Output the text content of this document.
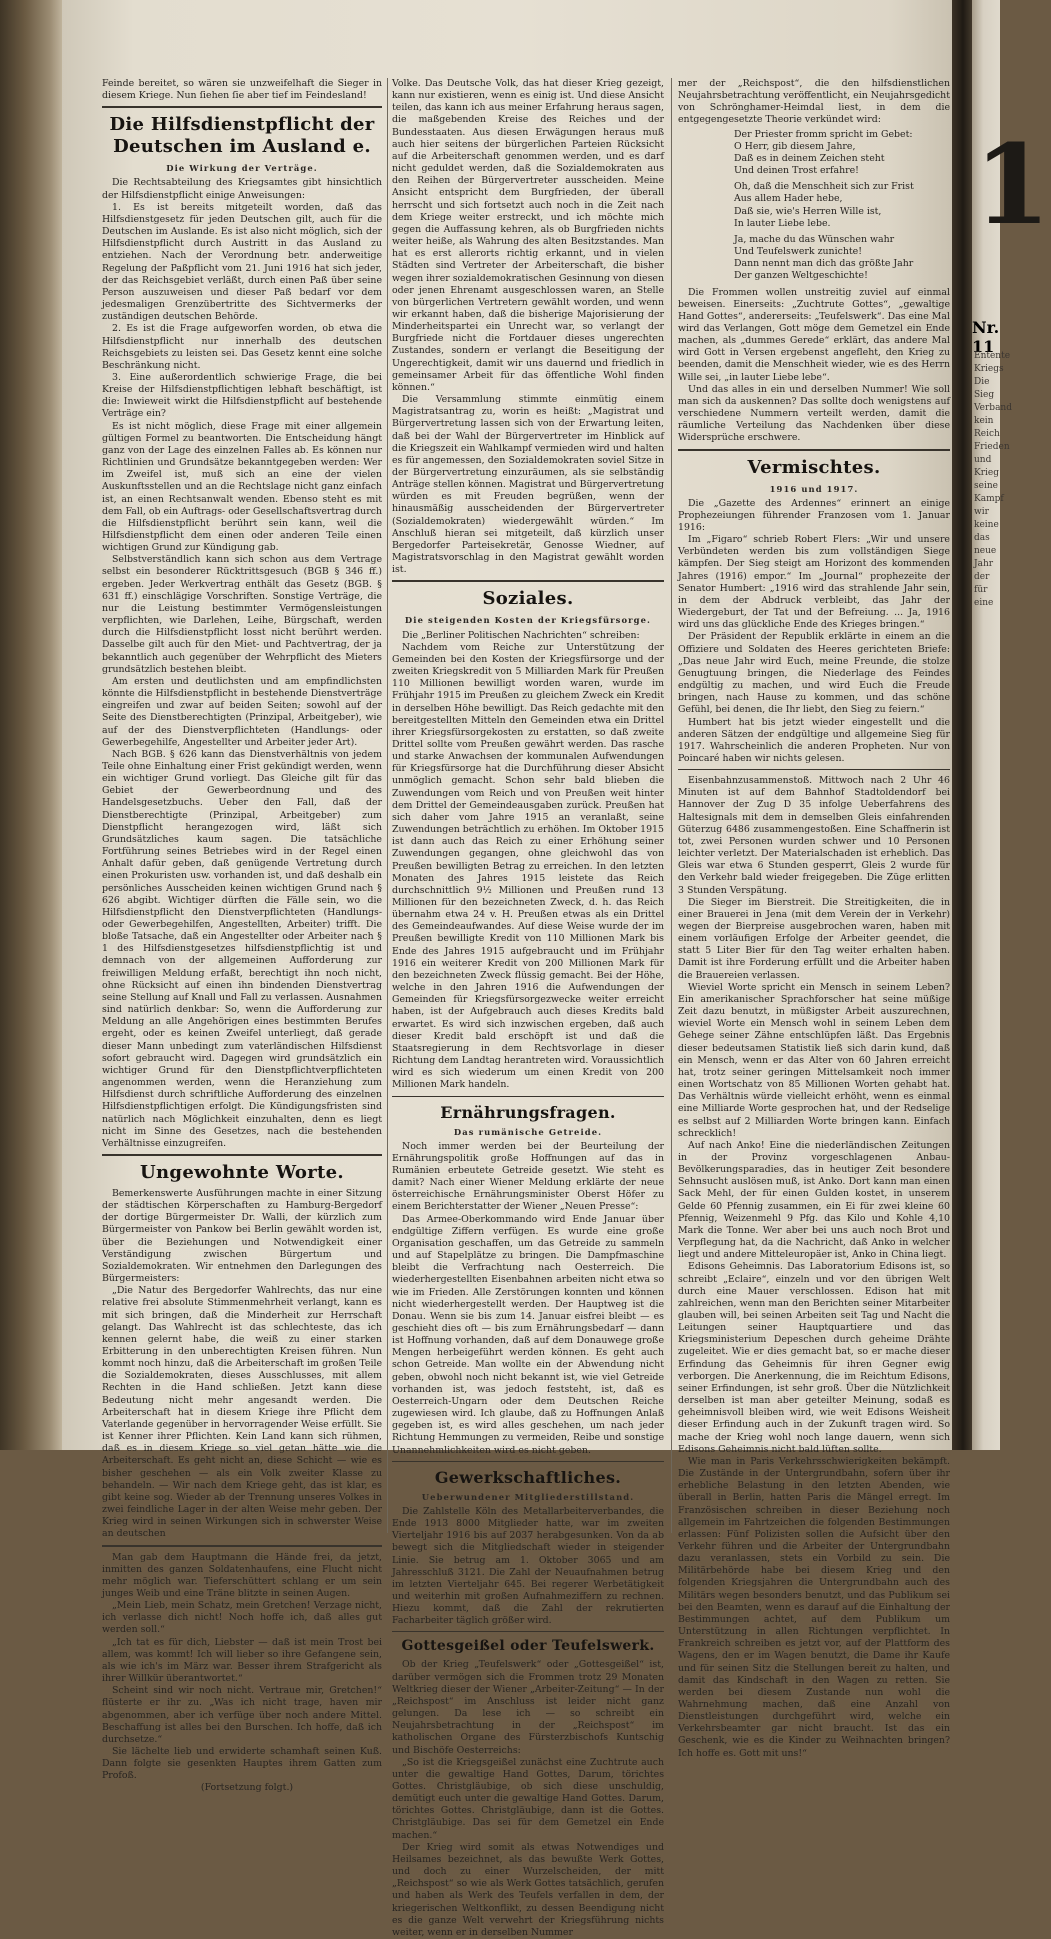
Feinde bereitet, so wären sie unzweifelhaft die Sieger in diesem Kriege. Nun ſiehen ſie aber tief im Feindesland!

Die Hilfsdienstpflicht der Deutschen im Ausland e.
Die Wirkung der Verträge.

Die Rechtsabteilung des Kriegsamtes gibt hinsichtlich der Hilfsdienstpflicht einige Anweisungen:

1. Es ist bereits mitgeteilt worden, daß das Hilfsdienstgesetz für jeden Deutschen gilt, auch für die Deutschen im Auslande. Es ist also nicht möglich, sich der Hilfsdienstpflicht durch Austritt in das Ausland zu entziehen. Nach der Verordnung betr. anderweitige Regelung der Paßpflicht vom 21. Juni 1916 hat sich jeder, der das Reichsgebiet verläßt, durch einen Paß über seine Person auszuweisen und dieser Paß bedarf vor dem jedesmaligen Grenzübertritte des Sichtvermerks der zuständigen deutschen Behörde.

2. Es ist die Frage aufgeworfen worden, ob etwa die Hilfsdienstpflicht nur innerhalb des deutschen Reichsgebiets zu leisten sei. Das Gesetz kennt eine solche Beschränkung nicht.

3. Eine außerordentlich schwierige Frage, die bei Kreise der Hilfsdienstpflichtigen lebhaft beschäftigt, ist die: Inwieweit wirkt die Hilfsdienstpflicht auf bestehende Verträge ein?

Es ist nicht möglich, diese Frage mit einer allgemein gültigen Formel zu beantworten. Die Entscheidung hängt ganz von der Lage des einzelnen Falles ab. Es können nur Richtlinien und Grundsätze bekanntgegeben werden: Wer im Zweifel ist, muß sich an eine der vielen Auskunftsstellen und an die Rechtslage nicht ganz einfach ist, an einen Rechtsanwalt wenden. Ebenso steht es mit dem Fall, ob ein Auftrags- oder Gesellschaftsvertrag durch die Hilfsdienstpflicht berührt sein kann, weil die Hilfsdienstpflicht dem einen oder anderen Teile einen wichtigen Grund zur Kündigung gab.

Selbstverständlich kann sich schon aus dem Vertrage selbst ein besonderer Rücktrittsgesuch (BGB § 346 ff.) ergeben. Jeder Werkvertrag enthält das Gesetz (BGB. § 631 ff.) einschlägige Vorschriften. Sonstige Verträge, die nur die Leistung bestimmter Vermögensleistungen verpflichten, wie Darlehen, Leihe, Bürgschaft, werden durch die Hilfsdienstpflicht losst nicht berührt werden. Dasselbe gilt auch für den Miet- und Pachtvertrag, der ja bekanntlich auch gegenüber der Wehrpflicht des Mieters grundsätzlich bestehen bleibt.

Am ersten und deutlichsten und am empfindlichsten könnte die Hilfsdienstpflicht in bestehende Dienstverträge eingreifen und zwar auf beiden Seiten; sowohl auf der Seite des Dienstberechtigten (Prinzipal, Arbeitgeber), wie auf der des Dienstverpflichteten (Handlungs- oder Gewerbegehilfe, Angestellter und Arbeiter jeder Art).

Nach BGB. § 626 kann das Dienstverhältnis von jedem Teile ohne Einhaltung einer Frist gekündigt werden, wenn ein wichtiger Grund vorliegt. Das Gleiche gilt für das Gebiet der Gewerbeordnung und des Handelsgesetzbuchs. Ueber den Fall, daß der Dienstberechtigte (Prinzipal, Arbeitgeber) zum Dienstpflicht herangezogen wird, läßt sich Grundsätzliches kaum sagen. Die tatsächliche Fortführung seines Betriebes wird in der Regel einen Anhalt dafür geben, daß genügende Vertretung durch einen Prokuristen usw. vorhanden ist, und daß deshalb ein persönliches Ausscheiden keinen wichtigen Grund nach § 626 abgibt. Wichtiger dürften die Fälle sein, wo die Hilfsdienstpflicht den Dienstverpflichteten (Handlungs- oder Gewerbegehilfen, Angestellten, Arbeiter) trifft. Die bloße Tatsache, daß ein Angestellter oder Arbeiter nach § 1 des Hilfsdienstgesetzes hilfsdienstpflichtig ist und demnach von der allgemeinen Aufforderung zur freiwilligen Meldung erfaßt, berechtigt ihn noch nicht, ohne Rücksicht auf einen ihn bindenden Dienstvertrag seine Stellung auf Knall und Fall zu verlassen. Ausnahmen sind natürlich denkbar: So, wenn die Aufforderung zur Meldung an alle Angehörigen eines bestimmten Berufes ergeht, oder es keinen Zweifel unterliegt, daß gerade dieser Mann unbedingt zum vaterländischen Hilfsdienst sofort gebraucht wird. Dagegen wird grundsätzlich ein wichtiger Grund für den Dienstpflichtverpflichteten angenommen werden, wenn die Heranziehung zum Hilfsdienst durch schriftliche Aufforderung des einzelnen Hilfsdienstpflichtigen erfolgt. Die Kündigungsfristen sind natürlich nach Möglichkeit einzuhalten, denn es liegt nicht im Sinne des Gesetzes, nach die bestehenden Verhältnisse einzugreifen.

Ungewohnte Worte.

Bemerkenswerte Ausführungen machte in einer Sitzung der städtischen Körperschaften zu Hamburg-Bergedorf der dortige Bürgermeister Dr. Walli, der kürzlich zum Bürgermeister von Pankow bei Berlin gewählt worden ist, über die Beziehungen und Notwendigkeit einer Verständigung zwischen Bürgertum und Sozialdemokraten. Wir entnehmen den Darlegungen des Bürgermeisters:

„Die Natur des Bergedorfer Wahlrechts, das nur eine relative frei absolute Stimmenmehrheit verlangt, kann es mit sich bringen, daß die Minderheit zur Herrschaft gelangt. Das Wahlrecht ist das schlechteste, das ich kennen gelernt habe, die weiß zu einer starken Erbitterung in den unberechtigten Kreisen führen. Nun kommt noch hinzu, daß die Arbeiterschaft im großen Teile die Sozialdemokraten, dieses Ausschlusses, mit allem Rechten in die Hand schließen. Jetzt kann diese Bedeutung nicht mehr angesandt werden. Die Arbeiterschaft hat in diesem Kriege ihre Pflicht dem Vaterlande gegenüber in hervorragender Weise erfüllt. Sie ist Kenner ihrer Pflichten. Kein Land kann sich rühmen, daß es in diesem Kriege so viel getan hätte wie die Arbeiterschaft. Es geht nicht an, diese Schicht — wie es bisher geschehen — als ein Volk zweiter Klasse zu behandeln. — Wir nach dem Kriege geht, das ist klar, es gibt keine sog. Wieder ab der Trennung unseres Volkes in zwei feindliche Lager in der alten Weise mehr geben. Der Krieg wird in seinen Wirkungen sich in schwerster Weise an deutschen

Man gab dem Hauptmann die Hände frei, da jetzt, inmitten des ganzen Soldatenhaufens, eine Flucht nicht mehr möglich war. Tieferschüttert schlang er um sein junges Weib und eine Träne blitzte in seinen Augen.

„Mein Lieb, mein Schatz, mein Gretchen! Verzage nicht, ich verlasse dich nicht! Noch hoffe ich, daß alles gut werden soll.“

„Ich tat es für dich, Liebster — daß ist mein Trost bei allem, was kommt! Ich will lieber so ihre Gefangene sein, als wie ich's im März war. Besser ihrem Strafgericht als ihrer Willkür überantwortet.“

Scheint sind wir noch nicht. Vertraue mir, Gretchen!“ flüsterte er ihr zu. „Was ich nicht trage, haven mir abgenommen, aber ich verfüge über noch andere Mittel. Beschaffung ist alles bei den Burschen. Ich hoffe, daß ich durchsetze.“

Sie lächelte lieb und erwiderte schamhaft seinen Kuß. Dann folgte sie gesenkten Hauptes ihrem Gatten zum Profoß.

(Fortsetzung folgt.)

Volke. Das Deutsche Volk, das hat dieser Krieg gezeigt, kann nur existieren, wenn es einig ist. Und diese Ansicht teilen, das kann ich aus meiner Erfahrung heraus sagen, die maßgebenden Kreise des Reiches und der Bundesstaaten. Aus diesen Erwägungen heraus muß auch hier seitens der bürgerlichen Parteien Rücksicht auf die Arbeiterschaft genommen werden, und es darf nicht geduldet werden, daß die Sozialdemokraten aus den Reihen der Bürgervertreter ausscheiden. Meine Ansicht entspricht dem Burgfrieden, der überall herrscht und sich fortsetzt auch noch in die Zeit nach dem Kriege weiter erstreckt, und ich möchte mich gegen die Auffassung kehren, als ob Burgfrieden nichts weiter heiße, als Wahrung des alten Besitzstandes. Man hat es erst allerorts richtig erkannt, und in vielen Städten sind Vertreter der Arbeiterschaft, die bisher wegen ihrer sozialdemokratischen Gesinnung von diesen oder jenen Ehrenamt ausgeschlossen waren, an Stelle von bürgerlichen Vertretern gewählt worden, und wenn wir erkannt haben, daß die bisherige Majorisierung der Minderheitspartei ein Unrecht war, so verlangt der Burgfriede nicht die Fortdauer dieses ungerechten Zustandes, sondern er verlangt die Beseitigung der Ungerechtigkeit, damit wir uns dauernd und friedlich in gemeinsamer Arbeit für das öffentliche Wohl finden können.“

Die Versammlung stimmte einmütig einem Magistratsantrag zu, worin es heißt: „Magistrat und Bürgervertretung lassen sich von der Erwartung leiten, daß bei der Wahl der Bürgervertreter im Hinblick auf die Kriegszeit ein Wahlkampf vermieden wird und halten es für angemessen, den Sozialdemokraten soviel Sitze in der Bürgervertretung einzuräumen, als sie selbständig Anträge stellen können. Magistrat und Bürgervertretung würden es mit Freuden begrüßen, wenn der hinausmäßig ausscheidenden der Bürgervertreter (Sozialdemokraten) wiedergewählt würden.“ Im Anschluß hieran sei mitgeteilt, daß kürzlich unser Bergedorfer Parteisekretär, Genosse Wiedner, auf Magistratsvorschlag in den Magistrat gewählt worden ist.

Soziales.
Die steigenden Kosten der Kriegsfürsorge.

Die „Berliner Politischen Nachrichten“ schreiben:

Nachdem vom Reiche zur Unterstützung der Gemeinden bei den Kosten der Kriegsfürsorge und der zweiten Kriegskredit von 5 Milliarden Mark für Preußen 110 Millionen bewilligt worden waren, wurde im Frühjahr 1915 im Preußen zu gleichem Zweck ein Kredit in derselben Höhe bewilligt. Das Reich gedachte mit den bereitgestellten Mitteln den Gemeinden etwa ein Drittel ihrer Kriegsfürsorgekosten zu erstatten, so daß zweite Drittel sollte vom Preußen gewährt werden. Das rasche und starke Anwachsen der kommunalen Aufwendungen für Kriegsfürsorge hat die Durchführung dieser Absicht unmöglich gemacht. Schon sehr bald blieben die Zuwendungen vom Reich und von Preußen weit hinter dem Drittel der Gemeindeausgaben zurück. Preußen hat sich daher vom Jahre 1915 an veranlaßt, seine Zuwendungen beträchtlich zu erhöhen. Im Oktober 1915 ist dann auch das Reich zu einer Erhöhung seiner Zuwendungen gegangen, ohne gleichwohl das von Preußen bewilligten Betrag zu erreichen. In den letzten Monaten des Jahres 1915 leistete das Reich durchschnittlich 9½ Millionen und Preußen rund 13 Millionen für den bezeichneten Zweck, d. h. das Reich übernahm etwa 24 v. H. Preußen etwas als ein Drittel des Gemeindeaufwandes. Auf diese Weise wurde der im Preußen bewilligte Kredit von 110 Millionen Mark bis Ende des Jahres 1915 aufgebraucht und im Frühjahr 1916 ein weiterer Kredit von 200 Millionen Mark für den bezeichneten Zweck flüssig gemacht. Bei der Höhe, welche in den Jahren 1916 die Aufwendungen der Gemeinden für Kriegsfürsorgezwecke weiter erreicht haben, ist der Aufgebrauch auch dieses Kredits bald erwartet. Es wird sich inzwischen ergeben, daß auch dieser Kredit bald erschöpft ist und daß die Staatsregierung in dem Rechtsvorlage in dieser Richtung dem Landtag herantreten wird. Voraussichtlich wird es sich wiederum um einen Kredit von 200 Millionen Mark handeln.

Ernährungsfragen.
Das rumänische Getreide.

Noch immer werden bei der Beurteilung der Ernährungspolitik große Hoffnungen auf das in Rumänien erbeutete Getreide gesetzt. Wie steht es damit? Nach einer Wiener Meldung erklärte der neue österreichische Ernährungsminister Oberst Höfer zu einem Berichterstatter der Wiener „Neuen Presse“:

Das Armee-Oberkommando wird Ende Januar über endgültige Ziffern verfügen. Es wurde eine große Organisation geschaffen, um das Getreide zu sammeln und auf Stapelplätze zu bringen. Die Dampfmaschine bleibt die Verfrachtung nach Oesterreich. Die wiederhergestellten Eisenbahnen arbeiten nicht etwa so wie im Frieden. Alle Zerstörungen konnten und können nicht wiederhergestellt werden. Der Hauptweg ist die Donau. Wenn sie bis zum 14. Januar eisfrei bleibt — es geschieht dies oft — bis zum Ernährungsbedarf — dann ist Hoffnung vorhanden, daß auf dem Donauwege große Mengen herbeigeführt werden können. Es geht auch schon Getreide. Man wollte ein der Abwendung nicht geben, obwohl noch nicht bekannt ist, wie viel Getreide vorhanden ist, was jedoch feststeht, ist, daß es Oesterreich-Ungarn oder dem Deutschen Reiche zugewiesen wird. Ich glaube, daß zu Hoffnungen Anlaß gegeben ist, es wird alles geschehen, um nach jeder Richtung Hemmungen zu vermeiden, Reibe und sonstige Unannehmlichkeiten wird es nicht geben.

Gewerkschaftliches.
Ueberwundener Mitgliederstillstand.

Die Zahlstelle Köln des Metallarbeiterverbandes, die Ende 1913 8000 Mitglieder hatte, war im zweiten Vierteljahr 1916 bis auf 2037 herabgesunken. Von da ab bewegt sich die Mitgliedschaft wieder in steigender Linie. Sie betrug am 1. Oktober 3065 und am Jahresschluß 3121. Die Zahl der Neuaufnahmen betrug im letzten Vierteljahr 645. Bei regerer Werbetätigkeit und weiterhin mit großen Aufnahmeziffern zu rechnen. Hiezu kommt, daß die Zahl der rekrutierten Facharbeiter täglich größer wird.

Gottesgeißel oder Teufelswerk.

Ob der Krieg „Teufelswerk“ oder „Gottesgeißel“ ist, darüber vermögen sich die Frommen trotz 29 Monaten Weltkrieg dieser der Wiener „Arbeiter-Zeitung“ — In der „Reichspost“ im Anschluss ist leider nicht ganz gelungen. Da lese ich — so schreibt ein Neujahrsbetrachtung in der „Reichspost“ im katholischen Organe des Fürsterzbischofs Kuntschig und Bischöfe Oesterreichs:

„So ist die Kriegsgeißel zunächst eine Zuchtrute auch unter die gewaltige Hand Gottes, Darum, törichtes Gottes. Christgläubige, ob sich diese unschuldig, demütigt euch unter die gewaltige Hand Gottes. Darum, törichtes Gottes. Christgläubige, dann ist die Gottes. Christgläubige. Das sei für dem Gemetzel ein Ende machen.“

Der Krieg wird somit als etwas Notwendiges und Heilsames bezeichnet, als das bewußte Werk Gottes, und doch zu einer Wurzelscheiden, der mitt „Reichspost“ so wie als Werk Gottes tatsächlich, gerufen und haben als Werk des Teufels verfallen in dem, der kriegerischen Weltkonflikt, zu dessen Beendigung nicht es die ganze Welt verwehrt der Kriegsführung nichts weiter, wenn er in derselben Nummer

mer der „Reichspost“, die den hilfsdienstlichen Neujahrsbetrachtung veröffentlicht, ein Neujahrsgedicht von Schrönghamer-Heimdal liest, in dem die entgegengesetzte Theorie verkündet wird:

Der Priester fromm spricht im Gebet:
O Herr, gib diesem Jahre,
Daß es in deinem Zeichen steht
Und deinen Trost erfahre!
Oh, daß die Menschheit sich zur Frist
Aus allem Hader hebe,
Daß sie, wie's Herren Wille ist,
In lauter Liebe lebe.
Ja, mache du das Wünschen wahr
Und Teufelswerk zunichte!
Dann nennt man dich das größte Jahr
Der ganzen Weltgeschichte!

Die Frommen wollen unstreitig zuviel auf einmal beweisen. Einerseits: „Zuchtrute Gottes“, „gewaltige Hand Gottes“, andererseits: „Teufelswerk“. Das eine Mal wird das Verlangen, Gott möge dem Gemetzel ein Ende machen, als „dummes Gerede“ erklärt, das andere Mal wird Gott in Versen ergebenst angefleht, den Krieg zu beenden, damit die Menschheit wieder, wie es des Herrn Wille sei, „in lauter Liebe lebe“.

Und das alles in ein und derselben Nummer! Wie soll man sich da auskennen? Das sollte doch wenigstens auf verschiedene Nummern verteilt werden, damit die räumliche Verteilung das Nachdenken über diese Widersprüche erschwere.

Vermischtes.
1916 und 1917.

Die „Gazette des Ardennes“ erinnert an einige Prophezeiungen führender Franzosen vom 1. Januar 1916:

Im „Figaro“ schrieb Robert Flers: „Wir und unsere Verbündeten werden bis zum vollständigen Siege kämpfen. Der Sieg steigt am Horizont des kommenden Jahres (1916) empor.“ Im „Journal“ prophezeite der Senator Humbert: „1916 wird das strahlende Jahr sein, in dem der Abdruck verbleibt, das Jahr der Wiedergeburt, der Tat und der Befreiung. ... Ja, 1916 wird uns das glückliche Ende des Krieges bringen.“

Der Präsident der Republik erklärte in einem an die Offiziere und Soldaten des Heeres gerichteten Briefe: „Das neue Jahr wird Euch, meine Freunde, die stolze Genugtuung bringen, die Niederlage des Feindes endgültig zu machen, und wird Euch die Freude bringen, nach Hause zu kommen, und das schöne Gefühl, bei denen, die Ihr liebt, den Sieg zu feiern.“

Humbert hat bis jetzt wieder eingestellt und die anderen Sätzen der endgültige und allgemeine Sieg für 1917. Wahrscheinlich die anderen Propheten. Nur von Poincaré haben wir nichts gelesen.

Eisenbahnzusammenstoß. Mittwoch nach 2 Uhr 46 Minuten ist auf dem Bahnhof Stadtoldendorf bei Hannover der Zug D 35 infolge Ueberfahrens des Haltesignals mit dem in demselben Gleis einfahrenden Güterzug 6486 zusammengestoßen. Eine Schaffnerin ist tot, zwei Personen wurden schwer und 10 Personen leichter verletzt. Der Materialschaden ist erheblich. Das Gleis war etwa 6 Stunden gesperrt, Gleis 2 wurde für den Verkehr bald wieder freigegeben. Die Züge erlitten 3 Stunden Verspätung.

Die Sieger im Bierstreit. Die Streitigkeiten, die in einer Brauerei in Jena (mit dem Verein der in Verkehr) wegen der Bierpreise ausgebrochen waren, haben mit einem vorläufigen Erfolge der Arbeiter geendet, die statt 5 Liter Bier für den Tag weiter erhalten haben. Damit ist ihre Forderung erfüllt und die Arbeiter haben die Brauereien verlassen.

Wieviel Worte spricht ein Mensch in seinem Leben? Ein amerikanischer Sprachforscher hat seine müßige Zeit dazu benutzt, in müßigster Arbeit auszurechnen, wieviel Worte ein Mensch wohl in seinem Leben dem Gehege seiner Zähne entschlüpfen läßt. Das Ergebnis dieser bedeutsamen Statistik ließ sich darin kund, daß ein Mensch, wenn er das Alter von 60 Jahren erreicht hat, trotz seiner geringen Mittelsamkeit noch immer einen Wortschatz von 85 Millionen Worten gehabt hat. Das Verhältnis würde vielleicht erhöht, wenn es einmal eine Milliarde Worte gesprochen hat, und der Redselige es selbst auf 2 Milliarden Worte bringen kann. Einfach schrecklich!

Auf nach Anko! Eine die niederländischen Zeitungen in der Provinz vorgeschlagenen Anbau-Bevölkerungsparadies, das in heutiger Zeit besondere Sehnsucht auslösen muß, ist Anko. Dort kann man einen Sack Mehl, der für einen Gulden kostet, in unserem Gelde 60 Pfennig zusammen, ein Ei für zwei kleine 60 Pfennig, Weizenmehl 9 Pfg. das Kilo und Kohle 4,10 Mark die Tonne. Wer aber bei uns auch noch Brot und Verpflegung hat, da die Nachricht, daß Anko in welcher liegt und andere Mitteleuropäer ist, Anko in China liegt.

Edisons Geheimnis. Das Laboratorium Edisons ist, so schreibt „Eclaire“, einzeln und vor den übrigen Welt durch eine Mauer verschlossen. Edison hat mit zahlreichen, wenn man den Berichten seiner Mitarbeiter glauben will, bei seinen Arbeiten seit Tag und Nacht die Leitungen seiner Hauptquartiere und das Kriegsministerium Depeschen durch geheime Drähte zugeleitet. Wie er dies gemacht bat, so er mache dieser Erfindung das Geheimnis für ihren Gegner ewig verborgen. Die Anerkennung, die im Reichtum Edisons, seiner Erfindungen, ist sehr groß. Über die Nützlichkeit derselben ist man aber geteilter Meinung, sodaß es geheimnisvoll bleiben wird, wie weit Edisons Weisheit dieser Erfindung auch in der Zukunft tragen wird. So mache der Krieg wohl noch lange dauern, wenn sich Edisons Geheimnis nicht bald lüften sollte.

Wie man in Paris Verkehrsschwierigkeiten bekämpft. Die Zustände in der Untergrundbahn, sofern über ihr erhebliche Belastung in den letzten Abenden, wie überall in Berlin, hatten Paris die Mängel erregt. Im Französischen schreiben in dieser Beziehung noch allgemein im Fahrtzeichen die folgenden Bestimmungen erlassen: Fünf Polizisten sollen die Aufsicht über den Verkehr führen und die Arbeiter der Untergrundbahn dazu veranlassen, stets ein Vorbild zu sein. Die Militärbehörde habe bei diesem Krieg und den folgenden Kriegsjahren die Untergrundbahn auch des Militärs wegen besonders benutzt, und das Publikum sei bei den Beamten, wenn es darauf auf die Einhaltung der Bestimmungen achtet, auf dem Publikum um Unterstützung in allen Richtungen verpflichtet. In Frankreich schreiben es jetzt vor, auf der Plattform des Wagens, den er im Wagen benutzt, die Dame ihr Kaufe und für seinen Sitz die Stellungen bereit zu halten, und damit das Kindschaft in den Wagen zu retten. Sie werden bei diesem Zustande nun wohl die Wahrnehmung machen, daß eine Anzahl von Dienstleistungen durchgeführt wird, welche ein Verkehrsbeamter gar nicht braucht. Ist das ein Geschenk, wie es die Kinder zu Weihnachten bringen? Ich hoffe es. Gott mit uns!“

1
Nr. 11
Entente
Kriegs
Die
Sieg
Verband
kein
Reich
Frieden
und
Krieg
seine
Kampf
wir
keine
das
neue
Jahr
der
für
eine
